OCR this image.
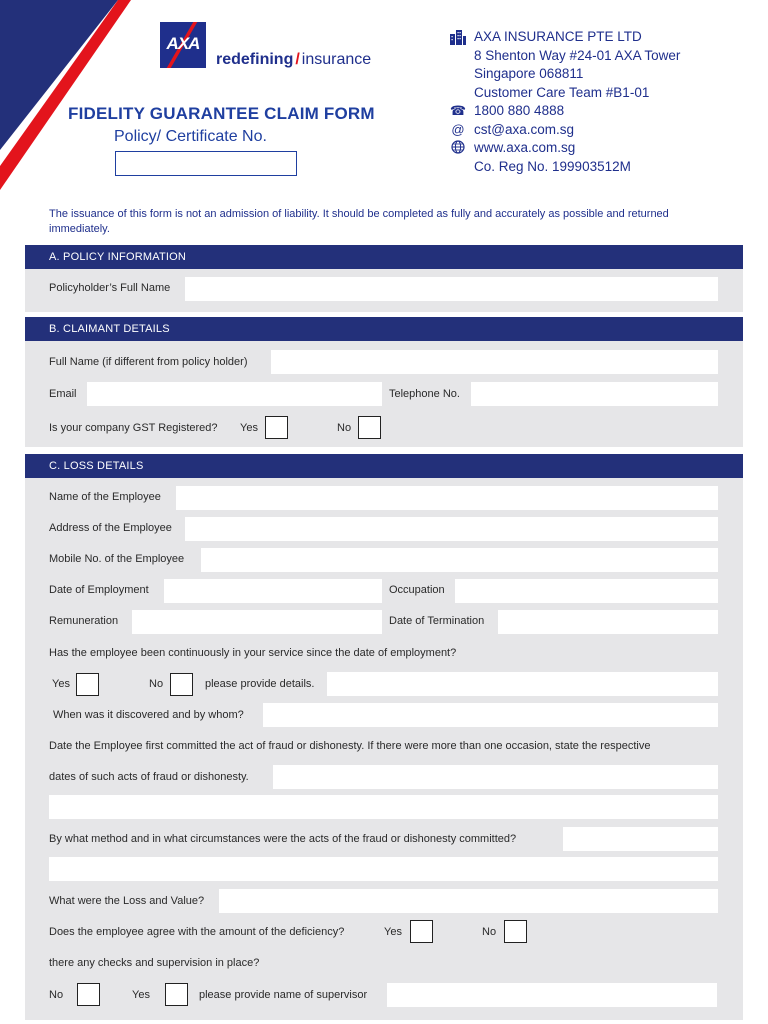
AXA
redefining / insurance
FIDELITY GUARANTEE CLAIM FORM
Policy/ Certificate No.
AXA INSURANCE PTE LTD
8 Shenton Way #24-01 AXA Tower
Singapore 068811
Customer Care Team #B1-01
☎ 1800 880 4888
@ cst@axa.com.sg
www.axa.com.sg
Co. Reg No. 199903512M
The issuance of this form is not an admission of liability. It should be completed as fully and accurately as possible and returned immediately.
A. POLICY INFORMATION
Policyholder’s Full Name
B. CLAIMANT DETAILS
Full Name (if different from policy holder)
Email	Telephone No.
Is your company GST Registered? Yes	No
C. LOSS DETAILS
Name of the Employee
Address of the Employee
Mobile No. of the Employee
Date of Employment	Occupation
Remuneration	Date of Termination
Has the employee been continuously in your service since the date of employment?
Yes	No	please provide details.
When was it discovered and by whom?
Date the Employee first committed the act of fraud or dishonesty. If there were more than one occasion, state the respective
dates of such acts of fraud or dishonesty.
By what method and in what circumstances were the acts of the fraud or dishonesty committed?
What were the Loss and Value?
Does the employee agree with the amount of the deficiency?	Yes	No
there any checks and supervision in place?
No	Yes	please provide name of supervisor
